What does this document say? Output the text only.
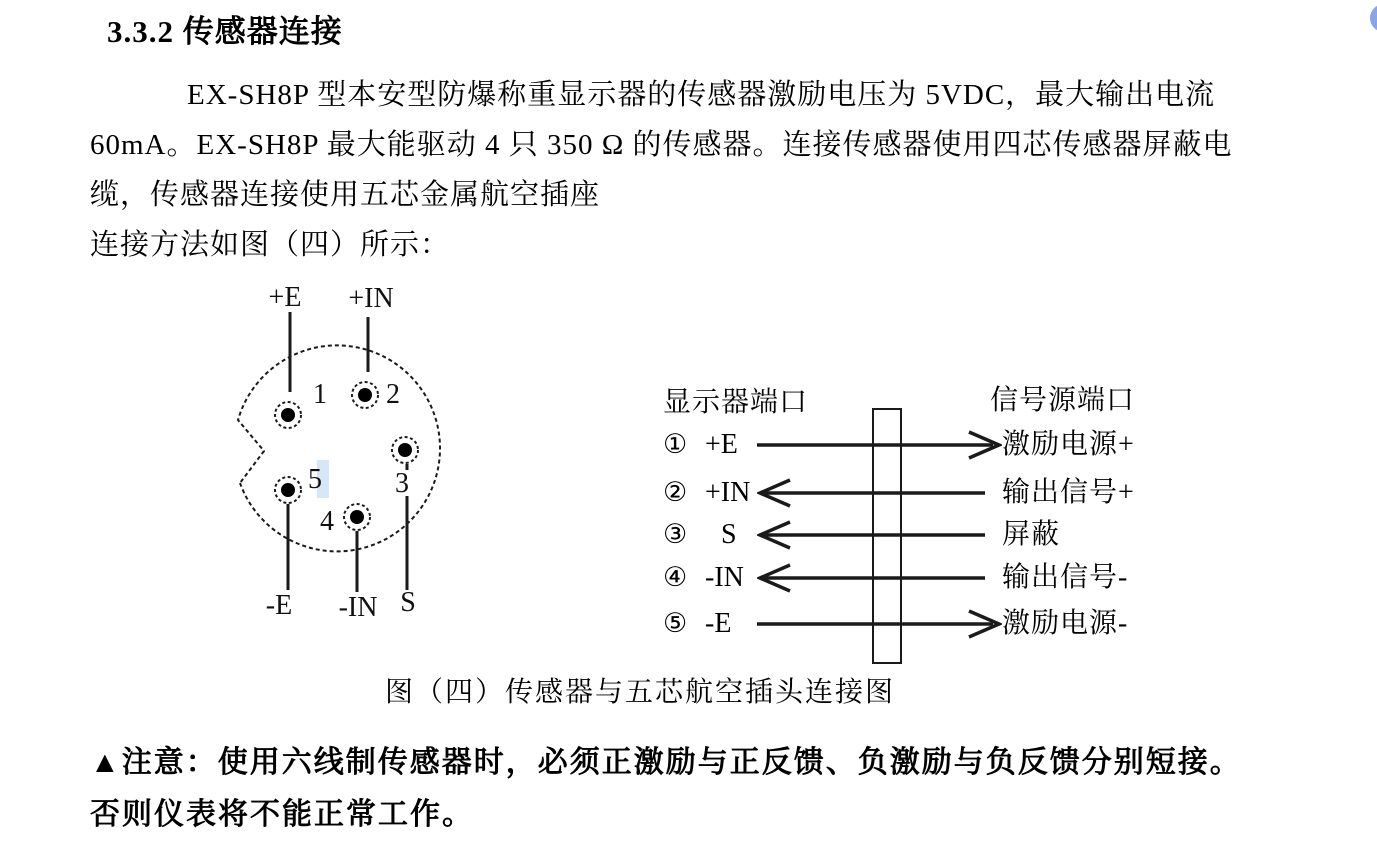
3.3.2 传感器连接
EX-SH8P 型本安型防爆称重显示器的传感器激励电压为 5VDC，最大输出电流
60mA。EX-SH8P 最大能驱动 4 只 350 Ω 的传感器。连接传感器使用四芯传感器屏蔽电
缆，传感器连接使用五芯金属航空插座
连接方法如图（四）所示：
1 2
3
4
5
+E +IN
-E -IN S
显示器端口	信号源端口
① +E	激励电源+
② +IN	输出信号+
③	S	屏蔽
④ -IN	输出信号-
⑤ -E	激励电源-
图（四）传感器与五芯航空插头连接图
▲注意：使用六线制传感器时，必须正激励与正反馈、负激励与负反馈分别短接。
否则仪表将不能正常工作。
